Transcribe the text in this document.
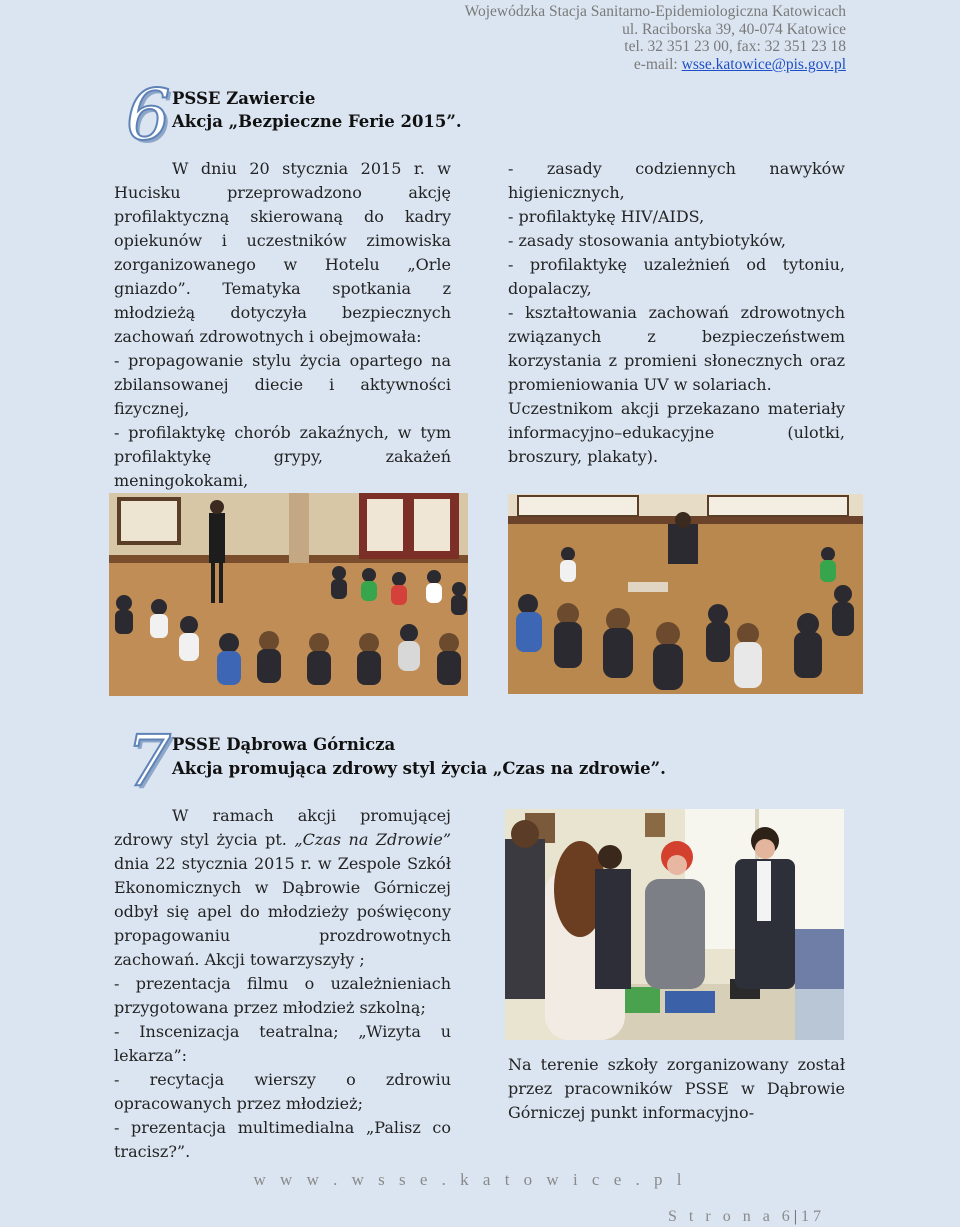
Wojewódzka Stacja Sanitarno-Epidemiologiczna Katowicach
ul. Raciborska 39, 40-074 Katowice
tel. 32 351 23 00, fax: 32 351 23 18
e-mail: wsse.katowice@pis.gov.pl
6 PSSE Zawiercie
Akcja „Bezpieczne Ferie 2015”.

W dniu 20 stycznia 2015 r. w Hucisku przeprowadzono akcję profilaktyczną skierowaną do kadry opiekunów i uczestników zimowiska zorganizowanego w Hotelu „Orle gniazdo”. Tematyka spotkania z młodzieżą dotyczyła bezpiecznych zachowań zdrowotnych i obejmowała:

- propagowanie stylu życia opartego na zbilansowanej diecie i aktywności fizycznej,

- profilaktykę chorób zakaźnych, w tym profilaktykę grypy, zakażeń meningokokami,

- zasady codziennych nawyków higienicznych,

- profilaktykę HIV/AIDS,

- zasady stosowania antybiotyków,

- profilaktykę uzależnień od tytoniu, dopalaczy,

- kształtowania zachowań zdrowotnych związanych z bezpieczeństwem korzystania z promieni słonecznych oraz promieniowania UV w solariach.

Uczestnikom akcji przekazano materiały informacyjno–edukacyjne (ulotki, broszury, plakaty).

7 PSSE Dąbrowa Górnicza
Akcja promująca zdrowy styl życia „Czas na zdrowie”.

W ramach akcji promującej zdrowy styl życia pt. „Czas na Zdrowie” dnia 22 stycznia 2015 r. w Zespole Szkół Ekonomicznych w Dąbrowie Górniczej odbył się apel do młodzieży poświęcony propagowaniu prozdrowotnych zachowań. Akcji towarzyszyły ;

- prezentacja filmu o uzależnieniach przygotowana przez młodzież szkolną;

- Inscenizacja teatralna; „Wizyta u lekarza”:

- recytacja wierszy o zdrowiu opracowanych przez młodzież;

- prezentacja multimedialna „Palisz co tracisz?”.

Na terenie szkoły zorganizowany został przez pracowników PSSE w Dąbrowie Górniczej punkt informacyjno-

w w w . w s s e . k a t o w i c e . p l
S t r o n a 6|17
